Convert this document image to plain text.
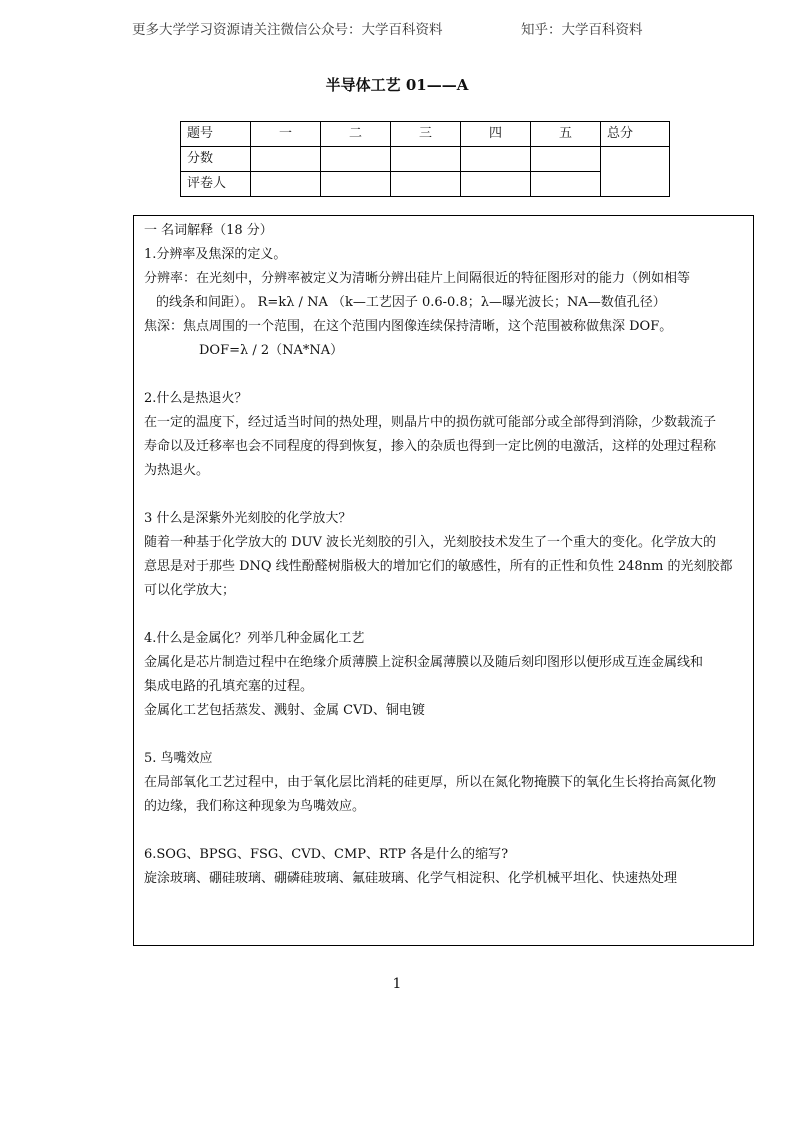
更多大学学习资源请关注微信公众号：大学百科资料	知乎：大学百科资料
半导体工艺 01——A
题号	一	二	三	四	五	总分
分数						
评卷人						

一 名词解释（18 分）

1.分辨率及焦深的定义。

分辨率：在光刻中，分辨率被定义为清晰分辨出硅片上间隔很近的特征图形对的能力（例如相等

的线条和间距）。 R=kλ / NA （k—工艺因子 0.6-0.8；λ—曝光波长；NA—数值孔径）

焦深：焦点周围的一个范围，在这个范围内图像连续保持清晰，这个范围被称做焦深 DOF。

DOF=λ / 2（NA*NA）

2.什么是热退火？

在一定的温度下，经过适当时间的热处理，则晶片中的损伤就可能部分或全部得到消除，少数载流子

寿命以及迁移率也会不同程度的得到恢复，掺入的杂质也得到一定比例的电激活，这样的处理过程称

为热退火。

3 什么是深紫外光刻胶的化学放大？

随着一种基于化学放大的 DUV 波长光刻胶的引入，光刻胶技术发生了一个重大的变化。化学放大的

意思是对于那些 DNQ 线性酚醛树脂极大的增加它们的敏感性，所有的正性和负性 248nm 的光刻胶都

可以化学放大；

4.什么是金属化？列举几种金属化工艺

金属化是芯片制造过程中在绝缘介质薄膜上淀积金属薄膜以及随后刻印图形以便形成互连金属线和

集成电路的孔填充塞的过程。

金属化工艺包括蒸发、溅射、金属 CVD、铜电镀

5. 鸟嘴效应

在局部氧化工艺过程中，由于氧化层比消耗的硅更厚，所以在氮化物掩膜下的氧化生长将抬高氮化物

的边缘，我们称这种现象为鸟嘴效应。

6.SOG、BPSG、FSG、CVD、CMP、RTP 各是什么的缩写?

旋涂玻璃、硼硅玻璃、硼磷硅玻璃、氟硅玻璃、化学气相淀积、化学机械平坦化、快速热处理

1
